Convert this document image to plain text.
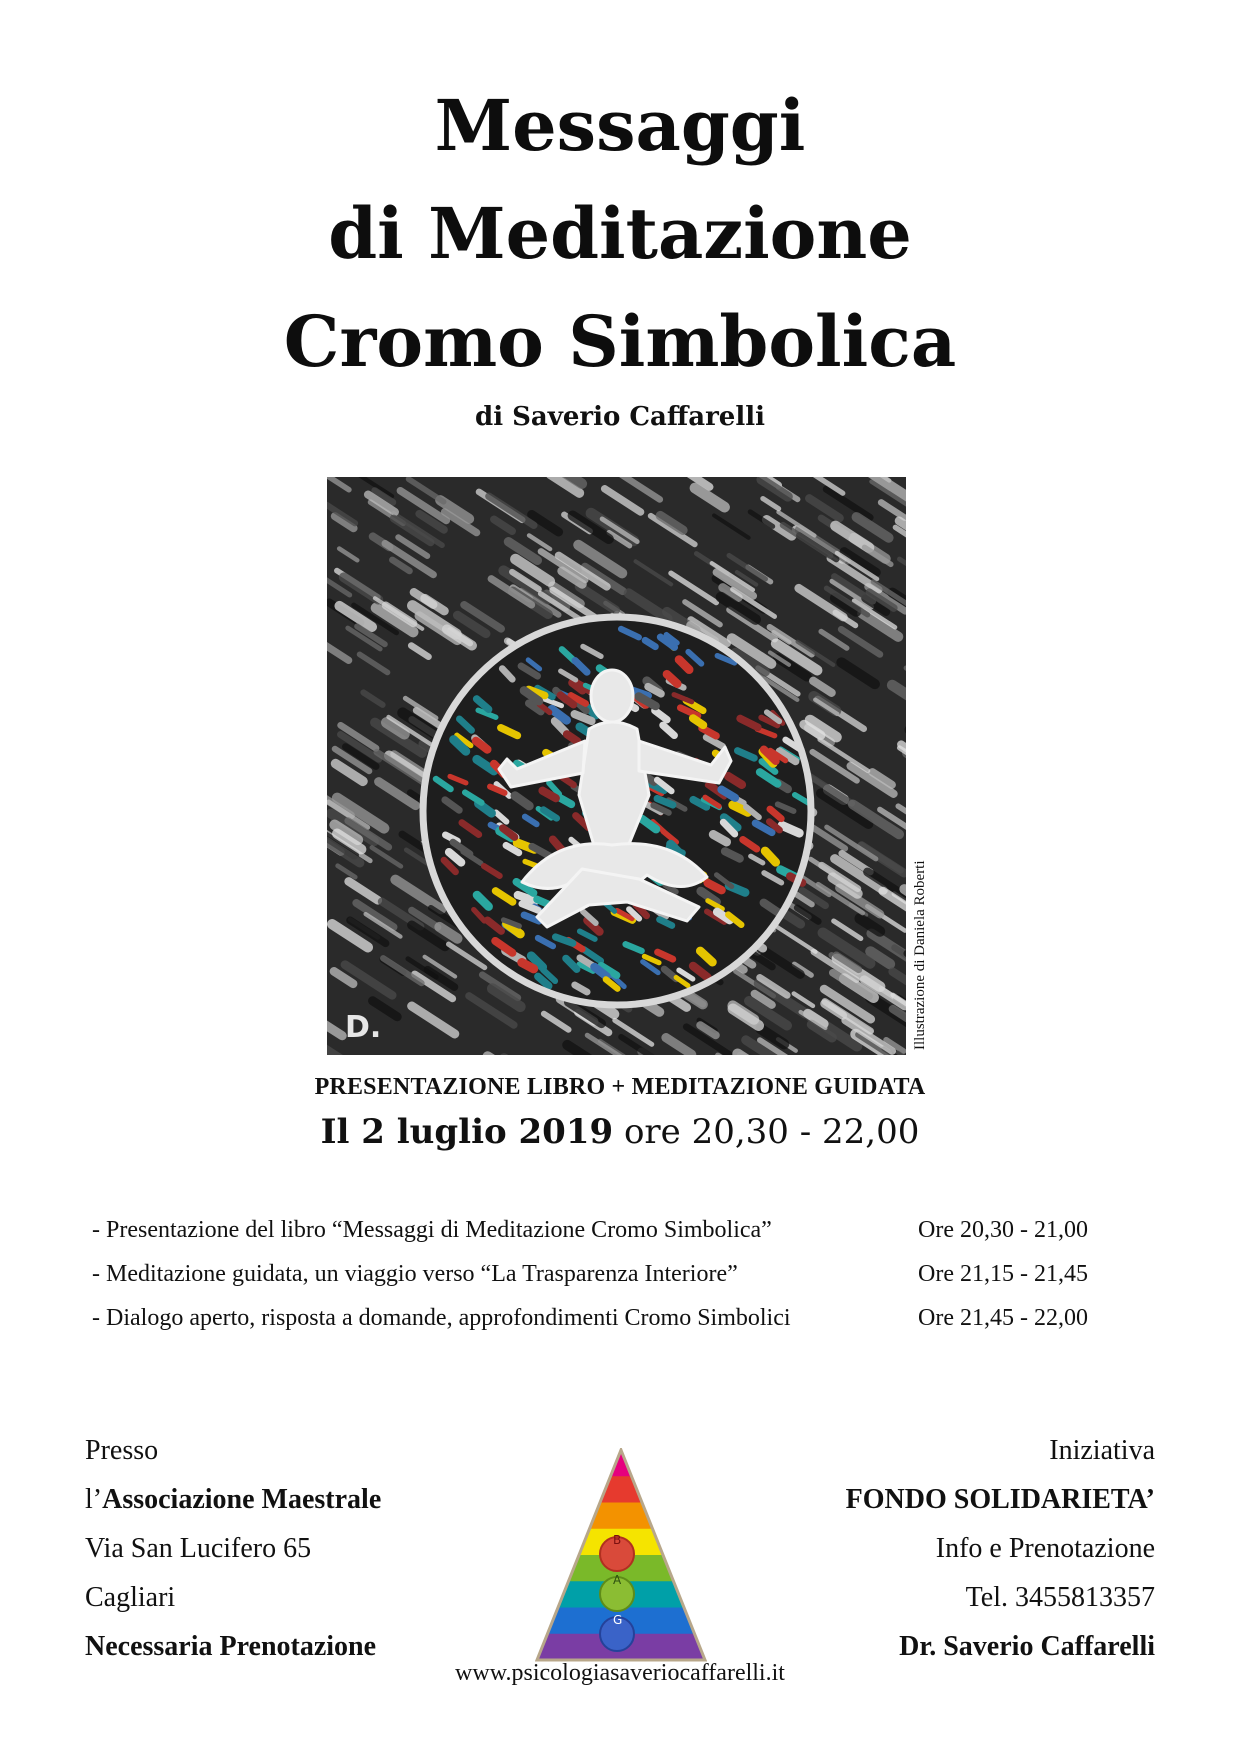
Messaggi
di Meditazione
Cromo Simbolica
di Saverio Caffarelli
D.	Illustrazione di Daniela Roberti
PRESENTAZIONE LIBRO + MEDITAZIONE GUIDATA
Il 2 luglio 2019 ore 20,30 - 22,00
- Presentazione del libro “Messaggi di Meditazione Cromo Simbolica”	Ore 20,30 - 21,00
- Meditazione guidata, un viaggio verso “La Trasparenza Interiore”	Ore 21,15 - 21,45
- Dialogo aperto, risposta a domande, approfondimenti Cromo Simbolici	Ore 21,45 - 22,00
Presso
l’Associazione Maestrale
Via San Lucifero 65
Cagliari
Necessaria Prenotazione
Iniziativa
FONDO SOLIDARIETA’
Info e Prenotazione
Tel. 3455813357
Dr. Saverio Caffarelli
B
A
G
www.psicologiasaveriocaffarelli.it
